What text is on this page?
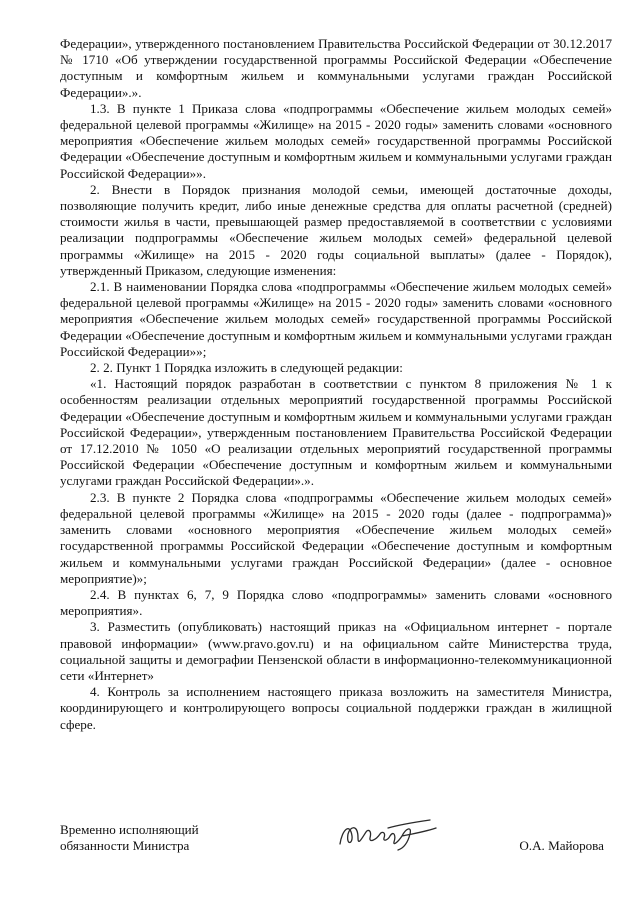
Федерации», утвержденного постановлением Правительства Российской Федерации от 30.12.2017 № 1710 «Об утверждении государственной программы Российской Федерации «Обеспечение доступным и комфортным жильем и коммунальными услугами граждан Российской Федерации».».

1.3. В пункте 1 Приказа слова «подпрограммы «Обеспечение жильем молодых семей» федеральной целевой программы «Жилище» на 2015 - 2020 годы» заменить словами «основного мероприятия «Обеспечение жильем молодых семей» государственной программы Российской Федерации «Обеспечение доступным и комфортным жильем и коммунальными услугами граждан Российской Федерации»».

2. Внести в Порядок признания молодой семьи, имеющей достаточные доходы, позволяющие получить кредит, либо иные денежные средства для оплаты расчетной (средней) стоимости жилья в части, превышающей размер предоставляемой в соответствии с условиями реализации подпрограммы «Обеспечение жильем молодых семей» федеральной целевой программы «Жилище» на 2015 - 2020 годы социальной выплаты» (далее - Порядок), утвержденный Приказом, следующие изменения:

2.1. В наименовании Порядка слова «подпрограммы «Обеспечение жильем молодых семей» федеральной целевой программы «Жилище» на 2015 - 2020 годы» заменить словами «основного мероприятия «Обеспечение жильем молодых семей» государственной программы Российской Федерации «Обеспечение доступным и комфортным жильем и коммунальными услугами граждан Российской Федерации»»;

2. 2. Пункт 1 Порядка изложить в следующей редакции:

«1. Настоящий порядок разработан в соответствии с пунктом 8 приложения № 1 к особенностям реализации отдельных мероприятий государственной программы Российской Федерации «Обеспечение доступным и комфортным жильем и коммунальными услугами граждан Российской Федерации», утвержденным постановлением Правительства Российской Федерации от 17.12.2010 № 1050 «О реализации отдельных мероприятий государственной программы Российской Федерации «Обеспечение доступным и комфортным жильем и коммунальными услугами граждан Российской Федерации».».

2.3. В пункте 2 Порядка слова «подпрограммы «Обеспечение жильем молодых семей» федеральной целевой программы «Жилище» на 2015 - 2020 годы (далее - подпрограмма)» заменить словами «основного мероприятия «Обеспечение жильем молодых семей» государственной программы Российской Федерации «Обеспечение доступным и комфортным жильем и коммунальными услугами граждан Российской Федерации» (далее - основное мероприятие)»;

2.4. В пунктах 6, 7, 9 Порядка слово «подпрограммы» заменить словами «основного мероприятия».

3. Разместить (опубликовать) настоящий приказ на «Официальном интернет - портале правовой информации» (www.pravo.gov.ru) и на официальном сайте Министерства труда, социальной защиты и демографии Пензенской области в информационно-телекоммуникационной сети «Интернет»

4. Контроль за исполнением настоящего приказа возложить на заместителя Министра, координирующего и контролирующего вопросы социальной поддержки граждан в жилищной сфере.

Временно исполняющий
обязанности Министра	О.А. Майорова
